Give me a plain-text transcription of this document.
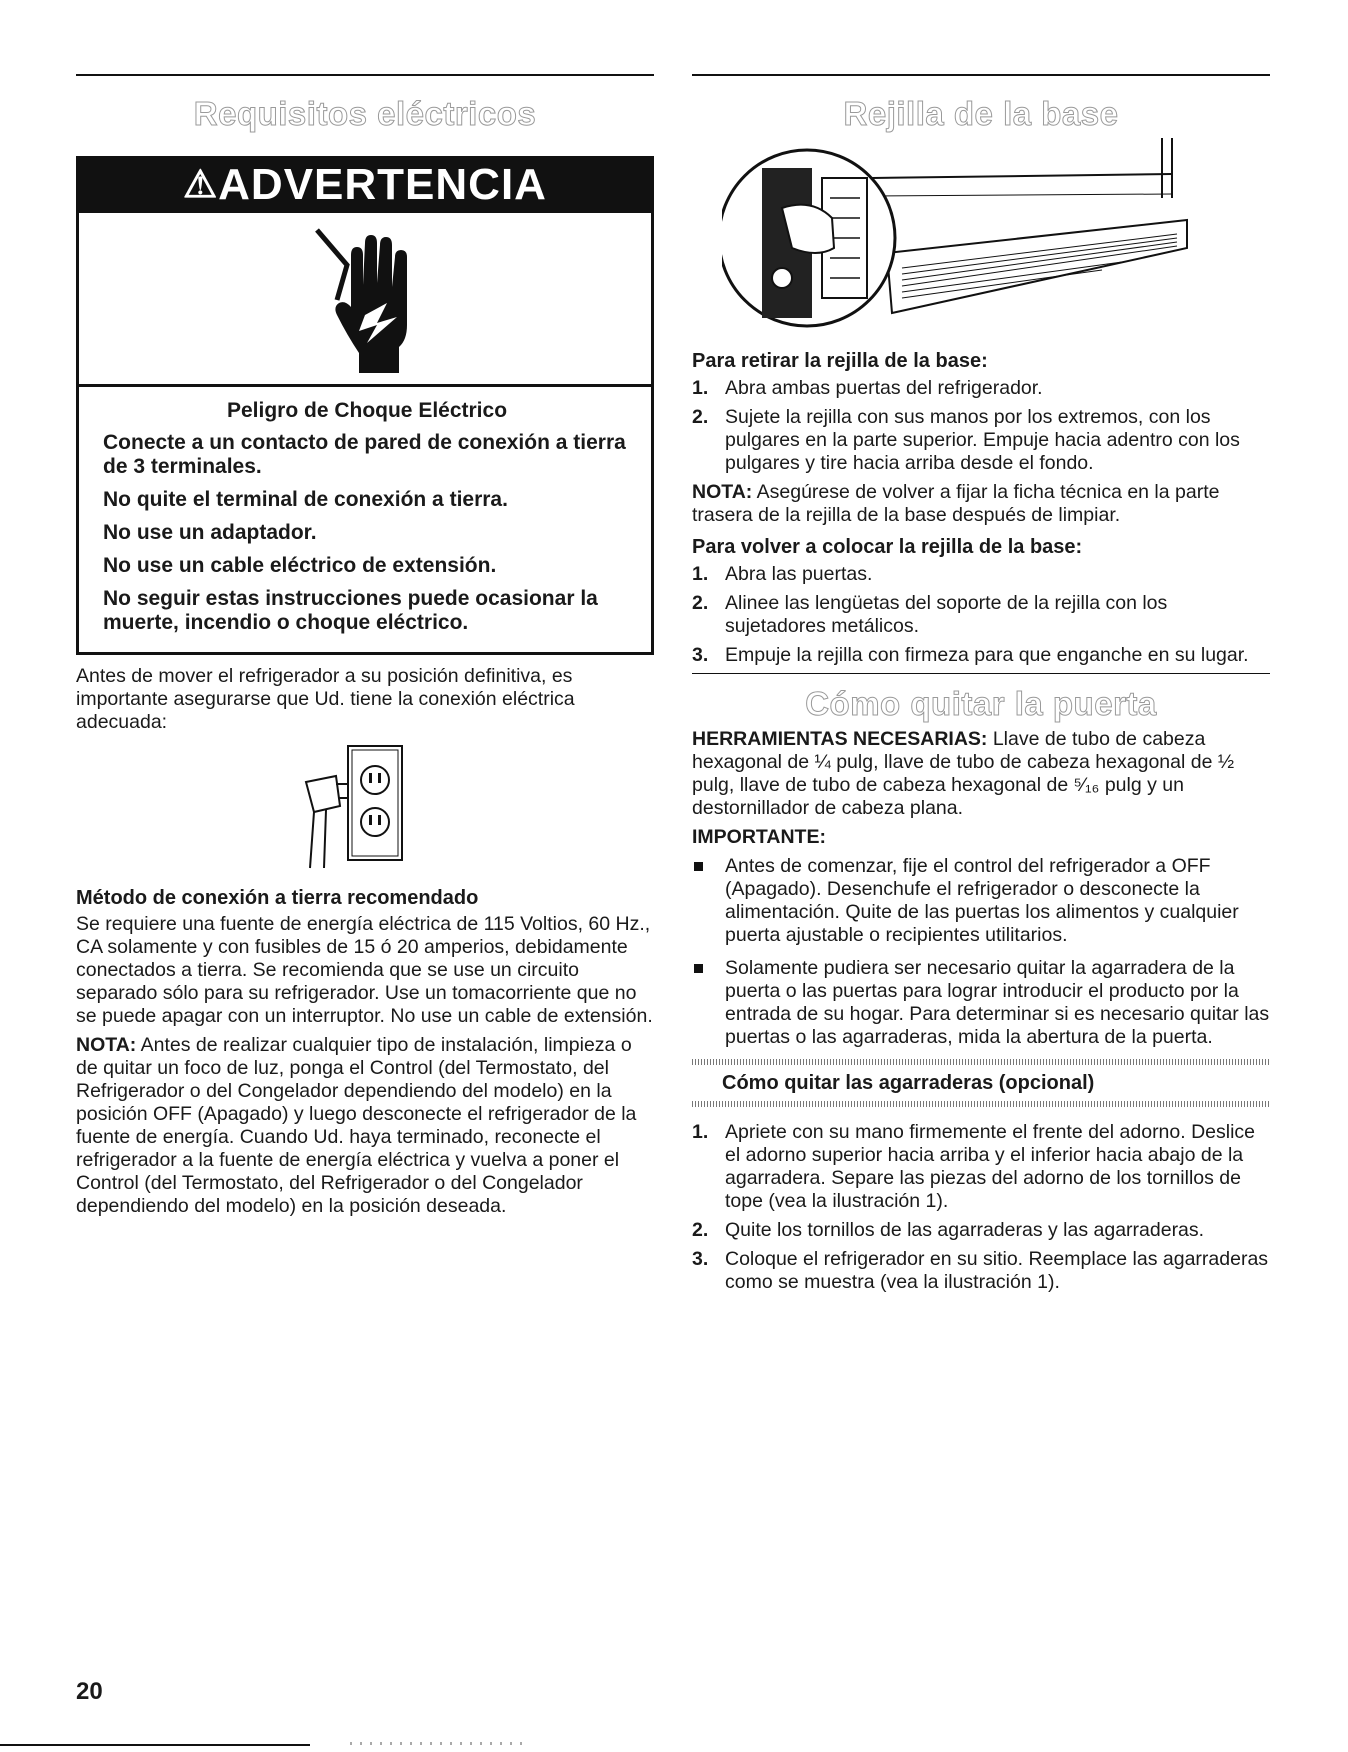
Requisitos eléctricos
⚠ADVERTENCIA

Peligro de Choque Eléctrico

Conecte a un contacto de pared de conexión a tierra de 3 terminales.

No quite el terminal de conexión a tierra.

No use un adaptador.

No use un cable eléctrico de extensión.

No seguir estas instrucciones puede ocasionar la muerte, incendio o choque eléctrico.

Antes de mover el refrigerador a su posición definitiva, es importante asegurarse que Ud. tiene la conexión eléctrica adecuada:

Método de conexión a tierra recomendado

Se requiere una fuente de energía eléctrica de 115 Voltios, 60 Hz., CA solamente y con fusibles de 15 ó 20 amperios, debidamente conectados a tierra. Se recomienda que se use un circuito separado sólo para su refrigerador. Use un tomacorriente que no se puede apagar con un interruptor. No use un cable de extensión.

NOTA: Antes de realizar cualquier tipo de instalación, limpieza o de quitar un foco de luz, ponga el Control (del Termostato, del Refrigerador o del Congelador dependiendo del modelo) en la posición OFF (Apagado) y luego desconecte el refrigerador de la fuente de energía. Cuando Ud. haya terminado, reconecte el refrigerador a la fuente de energía eléctrica y vuelva a poner el Control (del Termostato, del Refrigerador o del Congelador dependiendo del modelo) en la posición deseada.

Rejilla de la base
Para retirar la rejilla de la base:
1. Abra ambas puertas del refrigerador.
2. Sujete la rejilla con sus manos por los extremos, con los pulgares en la parte superior. Empuje hacia adentro con los pulgares y tire hacia arriba desde el fondo.

NOTA: Asegúrese de volver a fijar la ficha técnica en la parte trasera de la rejilla de la base después de limpiar.

Para volver a colocar la rejilla de la base:
1. Abra las puertas.
2. Alinee las lengüetas del soporte de la rejilla con los sujetadores metálicos.
3. Empuje la rejilla con firmeza para que enganche en su lugar.
Cómo quitar la puerta

HERRAMIENTAS NECESARIAS: Llave de tubo de cabeza hexagonal de ¼ pulg, llave de tubo de cabeza hexagonal de ½ pulg, llave de tubo de cabeza hexagonal de ⁵⁄₁₆ pulg y un destornillador de cabeza plana.

IMPORTANTE:

Antes de comenzar, fije el control del refrigerador a OFF (Apagado). Desenchufe el refrigerador o desconecte la alimentación. Quite de las puertas los alimentos y cualquier puerta ajustable o recipientes utilitarios.
Solamente pudiera ser necesario quitar la agarradera de la puerta o las puertas para lograr introducir el producto por la entrada de su hogar. Para determinar si es necesario quitar las puertas o las agarraderas, mida la abertura de la puerta.
Cómo quitar las agarraderas (opcional)
1. Apriete con su mano firmemente el frente del adorno. Deslice el adorno superior hacia arriba y el inferior hacia abajo de la agarradera. Separe las piezas del adorno de los tornillos de tope (vea la ilustración 1).
2. Quite los tornillos de las agarraderas y las agarraderas.
3. Coloque el refrigerador en su sitio. Reemplace las agarraderas como se muestra (vea la ilustración 1).
20
